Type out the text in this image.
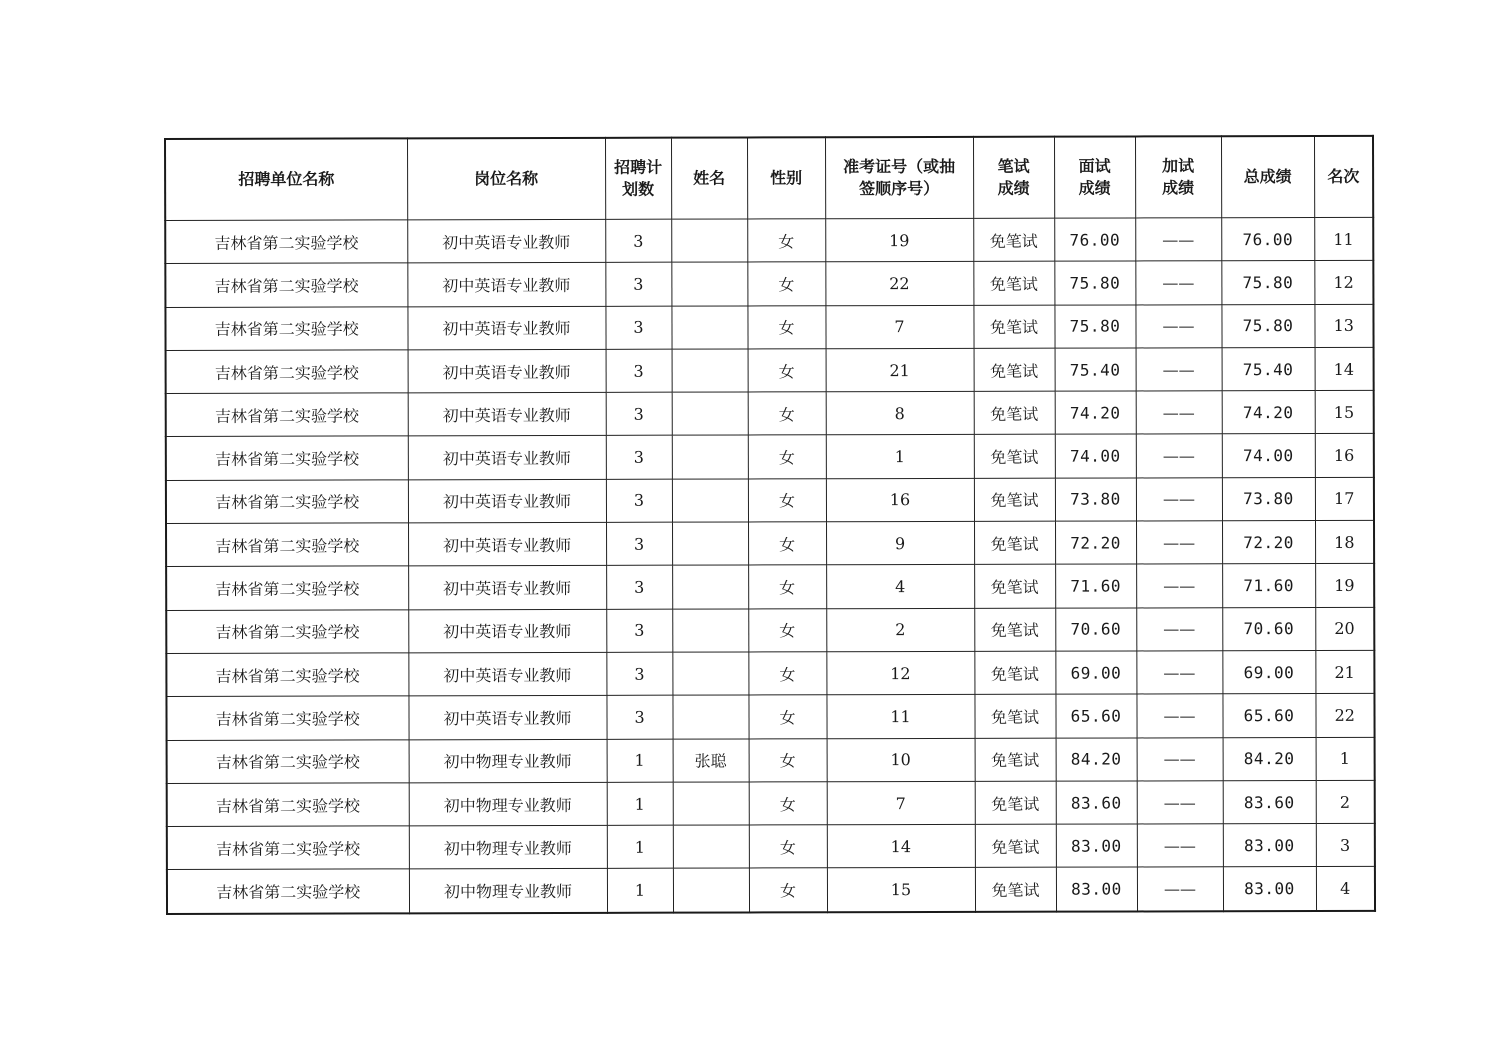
招聘单位名称	岗位名称	招聘计划数	姓名	性别	准考证号（或抽签顺序号）	笔试成绩	面试成绩	加试成绩	总成绩	名次
吉林省第二实验学校	初中英语专业教师	3		女	19	免笔试	76.00	——	76.00	11
吉林省第二实验学校	初中英语专业教师	3		女	22	免笔试	75.80	——	75.80	12
吉林省第二实验学校	初中英语专业教师	3		女	7	免笔试	75.80	——	75.80	13
吉林省第二实验学校	初中英语专业教师	3		女	21	免笔试	75.40	——	75.40	14
吉林省第二实验学校	初中英语专业教师	3		女	8	免笔试	74.20	——	74.20	15
吉林省第二实验学校	初中英语专业教师	3		女	1	免笔试	74.00	——	74.00	16
吉林省第二实验学校	初中英语专业教师	3		女	16	免笔试	73.80	——	73.80	17
吉林省第二实验学校	初中英语专业教师	3		女	9	免笔试	72.20	——	72.20	18
吉林省第二实验学校	初中英语专业教师	3		女	4	免笔试	71.60	——	71.60	19
吉林省第二实验学校	初中英语专业教师	3		女	2	免笔试	70.60	——	70.60	20
吉林省第二实验学校	初中英语专业教师	3		女	12	免笔试	69.00	——	69.00	21
吉林省第二实验学校	初中英语专业教师	3		女	11	免笔试	65.60	——	65.60	22
吉林省第二实验学校	初中物理专业教师	1	张聪	女	10	免笔试	84.20	——	84.20	1
吉林省第二实验学校	初中物理专业教师	1		女	7	免笔试	83.60	——	83.60	2
吉林省第二实验学校	初中物理专业教师	1		女	14	免笔试	83.00	——	83.00	3
吉林省第二实验学校	初中物理专业教师	1		女	15	免笔试	83.00	——	83.00	4
